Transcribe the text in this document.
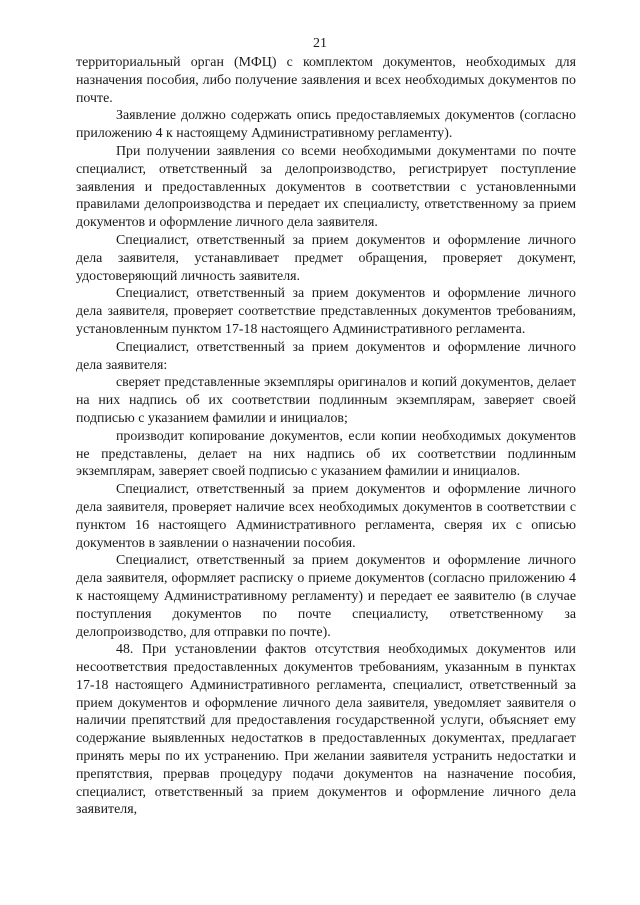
21

территориальный орган (МФЦ) с комплектом документов, необходимых для назначения пособия, либо получение заявления и всех необходимых документов по почте.

Заявление должно содержать опись предоставляемых документов (согласно приложению 4 к настоящему Административному регламенту).

При получении заявления со всеми необходимыми документами по почте специалист, ответственный за делопроизводство, регистрирует поступление заявления и предоставленных документов в соответствии с установленными правилами делопроизводства и передает их специалисту, ответственному за прием документов и оформление личного дела заявителя.

Специалист, ответственный за прием документов и оформление личного дела заявителя, устанавливает предмет обращения, проверяет документ, удостоверяющий личность заявителя.

Специалист, ответственный за прием документов и оформление личного дела заявителя, проверяет соответствие представленных документов требованиям, установленным пунктом 17-18 настоящего Административного регламента.

Специалист, ответственный за прием документов и оформление личного дела заявителя:

сверяет представленные экземпляры оригиналов и копий документов, делает на них надпись об их соответствии подлинным экземплярам, заверяет своей подписью с указанием фамилии и инициалов;

производит копирование документов, если копии необходимых документов не представлены, делает на них надпись об их соответствии подлинным экземплярам, заверяет своей подписью с указанием фамилии и инициалов.

Специалист, ответственный за прием документов и оформление личного дела заявителя, проверяет наличие всех необходимых документов в соответствии с пунктом 16 настоящего Административного регламента, сверяя их с описью документов в заявлении о назначении пособия.

Специалист, ответственный за прием документов и оформление личного дела заявителя, оформляет расписку о приеме документов (согласно приложению 4 к настоящему Административному регламенту) и передает ее заявителю (в случае поступления документов по почте специалисту, ответственному за делопроизводство, для отправки по почте).

48. При установлении фактов отсутствия необходимых документов или несоответствия предоставленных документов требованиям, указанным в пунктах 17-18 настоящего Административного регламента, специалист, ответственный за прием документов и оформление личного дела заявителя, уведомляет заявителя о наличии препятствий для предоставления государственной услуги, объясняет ему содержание выявленных недостатков в предоставленных документах, предлагает принять меры по их устранению. При желании заявителя устранить недостатки и препятствия, прервав процедуру подачи документов на назначение пособия, специалист, ответственный за прием документов и оформление личного дела заявителя,
